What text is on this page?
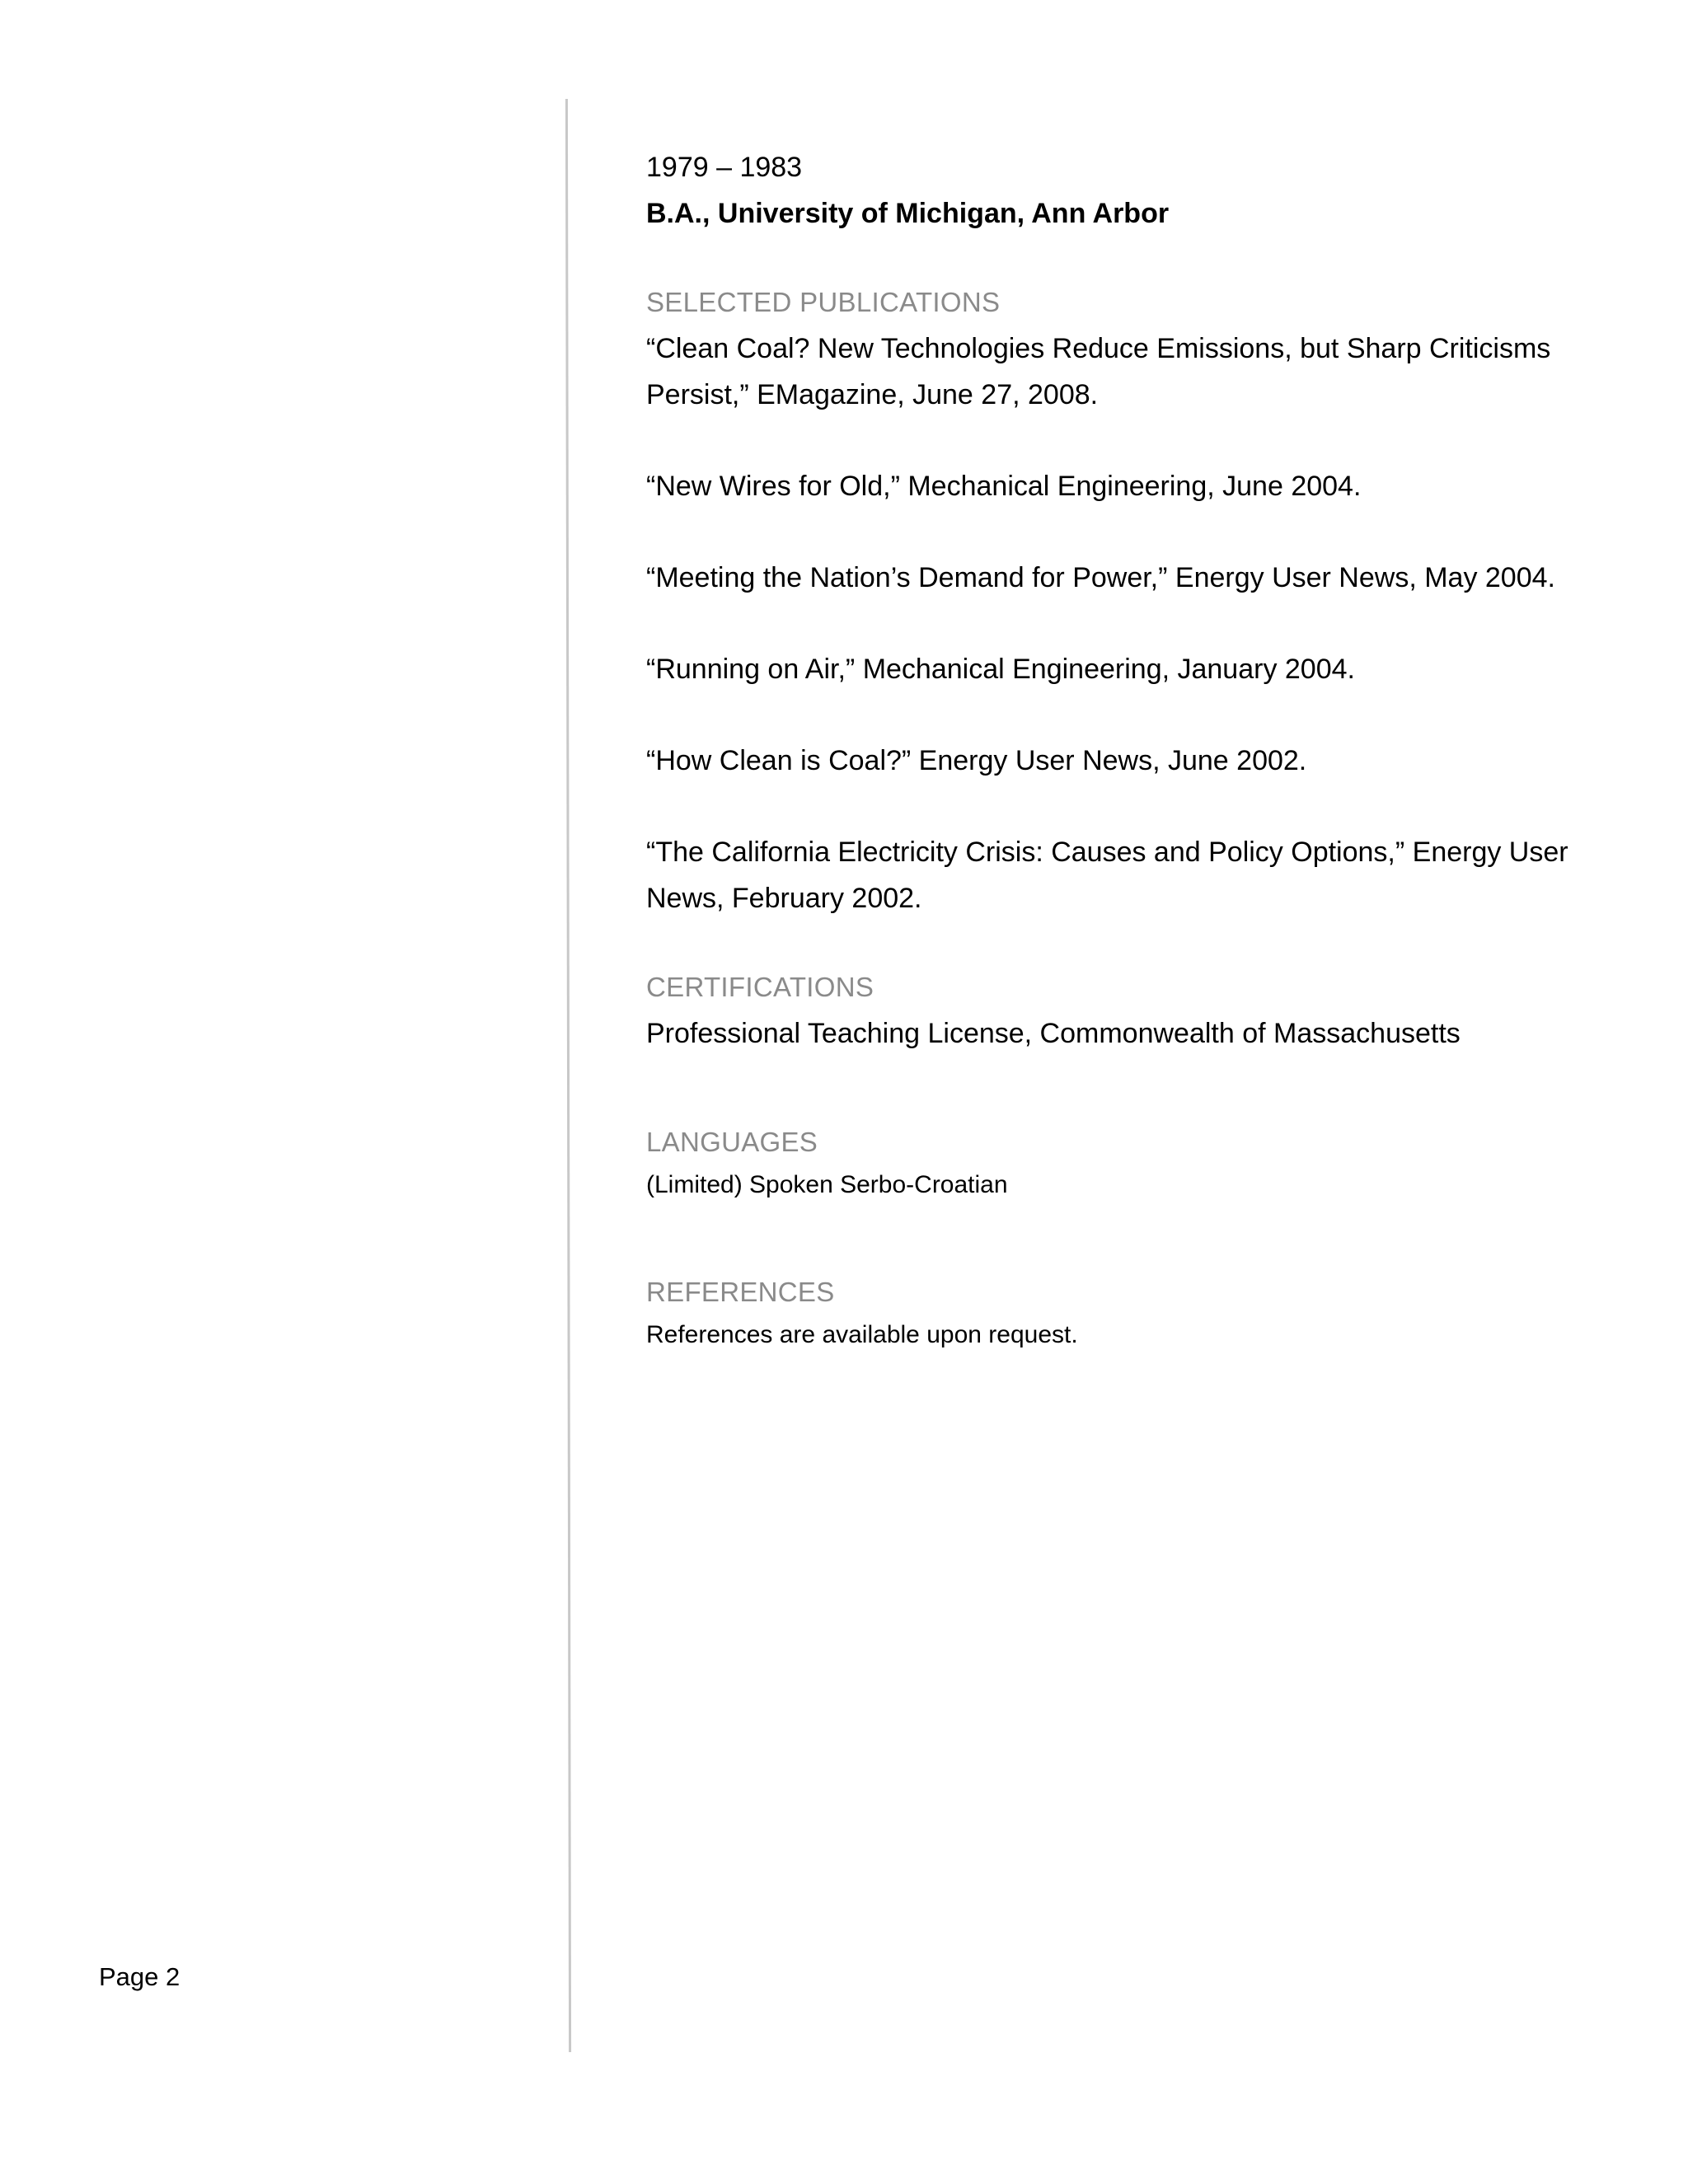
1979 – 1983

B.A., University of Michigan, Ann Arbor

SELECTED PUBLICATIONS

“Clean Coal? New Technologies Reduce Emissions, but Sharp Criticisms Persist,” EMagazine, June 27, 2008.

“New Wires for Old,” Mechanical Engineering, June 2004.

“Meeting the Nation’s Demand for Power,” Energy User News, May 2004.

“Running on Air,” Mechanical Engineering, January 2004.

“How Clean is Coal?” Energy User News, June 2002.

“The California Electricity Crisis: Causes and Policy Options,” Energy User News, February 2002.

CERTIFICATIONS

Professional Teaching License, Commonwealth of Massachusetts

LANGUAGES

(Limited) Spoken Serbo-Croatian

REFERENCES

References are available upon request.

Page 2
